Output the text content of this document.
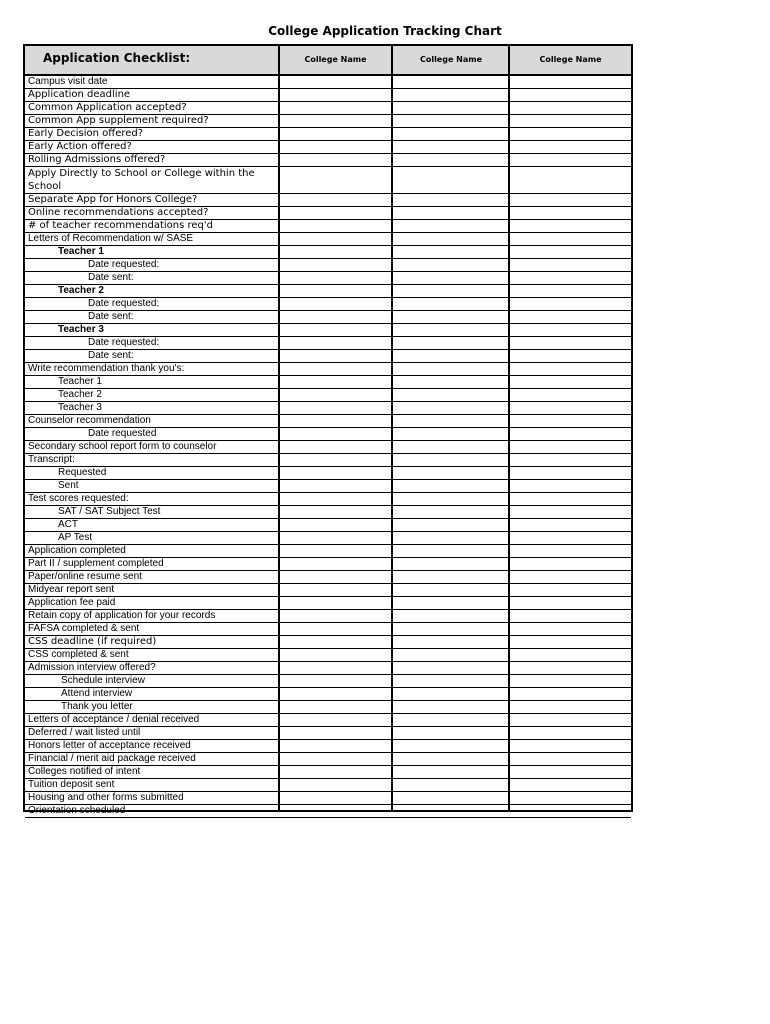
College Application Tracking Chart
Application Checklist:	College Name	College Name	College Name
Campus visit date
Application deadline
Common Application accepted?
Common App supplement required?
Early Decision offered?
Early Action offered?
Rolling Admissions offered?
Apply Directly to School or College within the School
Separate App for Honors College?
Online recommendations accepted?
# of teacher recommendations req'd
Letters of Recommendation w/ SASE
Teacher 1
Date requested:
Date sent:
Teacher 2
Date requested:
Date sent:
Teacher 3
Date requested:
Date sent:
Write recommendation thank you's:
Teacher 1
Teacher 2
Teacher 3
Counselor recommendation
Date requested
Secondary school report form to counselor
Transcript:
Requested
Sent
Test scores requested:
SAT / SAT Subject Test
ACT
AP Test
Application completed
Part II / supplement completed
Paper/online resume sent
Midyear report sent
Application fee paid
Retain copy of application for your records
FAFSA completed & sent
CSS deadline (if required)
CSS completed & sent
Admission interview offered?
Schedule interview
Attend interview
Thank you letter
Letters of acceptance / denial received
Deferred / wait listed until
Honors letter of acceptance received
Financial / merit aid package received
Colleges notified of intent
Tuition deposit sent
Housing and other forms submitted
Orientation scheduled
